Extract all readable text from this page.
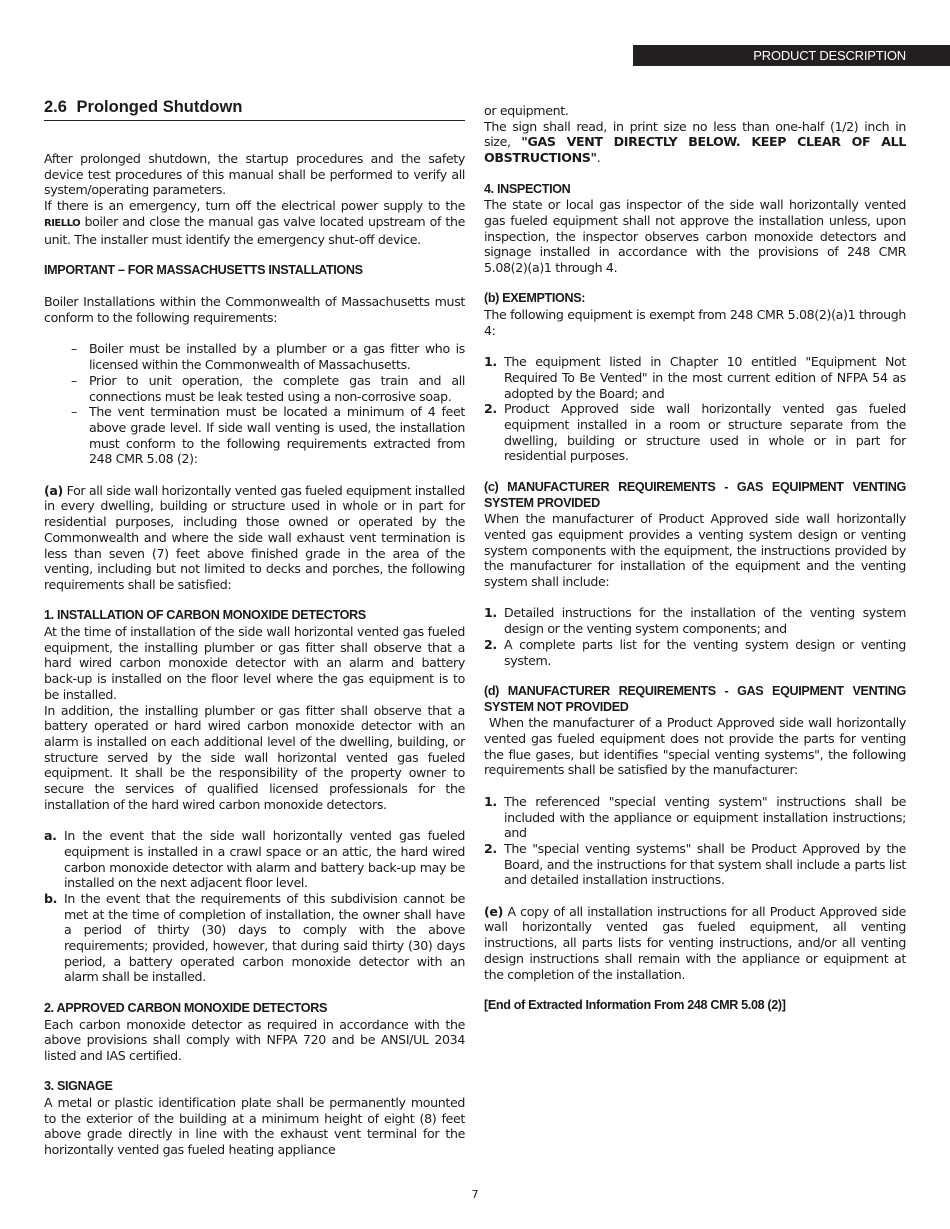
PRODUCT DESCRIPTION
2.6 Prolonged Shutdown

After prolonged shutdown, the startup procedures and the safety device test procedures of this manual shall be performed to verify all system/operating parameters.

If there is an emergency, turn off the electrical power supply to the RIELLO boiler and close the manual gas valve located upstream of the unit. The installer must identify the emergency shut-off device.

IMPORTANT – FOR MASSACHUSETTS INSTALLATIONS

Boiler Installations within the Commonwealth of Massachusetts must conform to the following requirements:

– Boiler must be installed by a plumber or a gas fitter who is licensed within the Commonwealth of Massachusetts.
– Prior to unit operation, the complete gas train and all connections must be leak tested using a non-corrosive soap.
– The vent termination must be located a minimum of 4 feet above grade level. If side wall venting is used, the installation must conform to the following requirements extracted from 248 CMR 5.08 (2):

(a) For all side wall horizontally vented gas fueled equipment installed in every dwelling, building or structure used in whole or in part for residential purposes, including those owned or operated by the Commonwealth and where the side wall exhaust vent termination is less than seven (7) feet above finished grade in the area of the venting, including but not limited to decks and porches, the following requirements shall be satisfied:

1. INSTALLATION OF CARBON MONOXIDE DETECTORS

At the time of installation of the side wall horizontal vented gas fueled equipment, the installing plumber or gas fitter shall observe that a hard wired carbon monoxide detector with an alarm and battery back-up is installed on the floor level where the gas equipment is to be installed.

In addition, the installing plumber or gas fitter shall observe that a battery operated or hard wired carbon monoxide detector with an alarm is installed on each additional level of the dwelling, building, or structure served by the side wall horizontal vented gas fueled equipment. It shall be the responsibility of the property owner to secure the services of qualified licensed professionals for the installation of the hard wired carbon monoxide detectors.

a. In the event that the side wall horizontally vented gas fueled equipment is installed in a crawl space or an attic, the hard wired carbon monoxide detector with alarm and battery back-up may be installed on the next adjacent floor level.
b. In the event that the requirements of this subdivision cannot be met at the time of completion of installation, the owner shall have a period of thirty (30) days to comply with the above requirements; provided, however, that during said thirty (30) days period, a battery operated carbon monoxide detector with an alarm shall be installed.

2. APPROVED CARBON MONOXIDE DETECTORS

Each carbon monoxide detector as required in accordance with the above provisions shall comply with NFPA 720 and be ANSI/UL 2034 listed and IAS certified.

3. SIGNAGE

A metal or plastic identification plate shall be permanently mounted to the exterior of the building at a minimum height of eight (8) feet above grade directly in line with the exhaust vent terminal for the horizontally vented gas fueled heating appliance

or equipment.

The sign shall read, in print size no less than one-half (1/2) inch in size, "GAS VENT DIRECTLY BELOW. KEEP CLEAR OF ALL OBSTRUCTIONS".

4. INSPECTION

The state or local gas inspector of the side wall horizontally vented gas fueled equipment shall not approve the installation unless, upon inspection, the inspector observes carbon monoxide detectors and signage installed in accordance with the provisions of 248 CMR 5.08(2)(a)1 through 4.

(b) EXEMPTIONS:

The following equipment is exempt from 248 CMR 5.08(2)(a)1 through 4:

1. The equipment listed in Chapter 10 entitled "Equipment Not Required To Be Vented" in the most current edition of NFPA 54 as adopted by the Board; and
2. Product Approved side wall horizontally vented gas fueled equipment installed in a room or structure separate from the dwelling, building or structure used in whole or in part for residential purposes.

(c) MANUFACTURER REQUIREMENTS - GAS EQUIPMENT VENTING SYSTEM PROVIDED

When the manufacturer of Product Approved side wall horizontally vented gas equipment provides a venting system design or venting system components with the equipment, the instructions provided by the manufacturer for installation of the equipment and the venting system shall include:

1. Detailed instructions for the installation of the venting system design or the venting system components; and
2. A complete parts list for the venting system design or venting system.

(d) MANUFACTURER REQUIREMENTS - GAS EQUIPMENT VENTING SYSTEM NOT PROVIDED

When the manufacturer of a Product Approved side wall horizontally vented gas fueled equipment does not provide the parts for venting the flue gases, but identifies "special venting systems", the following requirements shall be satisfied by the manufacturer:

1. The referenced "special venting system" instructions shall be included with the appliance or equipment installation instructions; and
2. The "special venting systems" shall be Product Approved by the Board, and the instructions for that system shall include a parts list and detailed installation instructions.

(e) A copy of all installation instructions for all Product Approved side wall horizontally vented gas fueled equipment, all venting instructions, all parts lists for venting instructions, and/or all venting design instructions shall remain with the appliance or equipment at the completion of the installation.

[End of Extracted Information From 248 CMR 5.08 (2)]

7
